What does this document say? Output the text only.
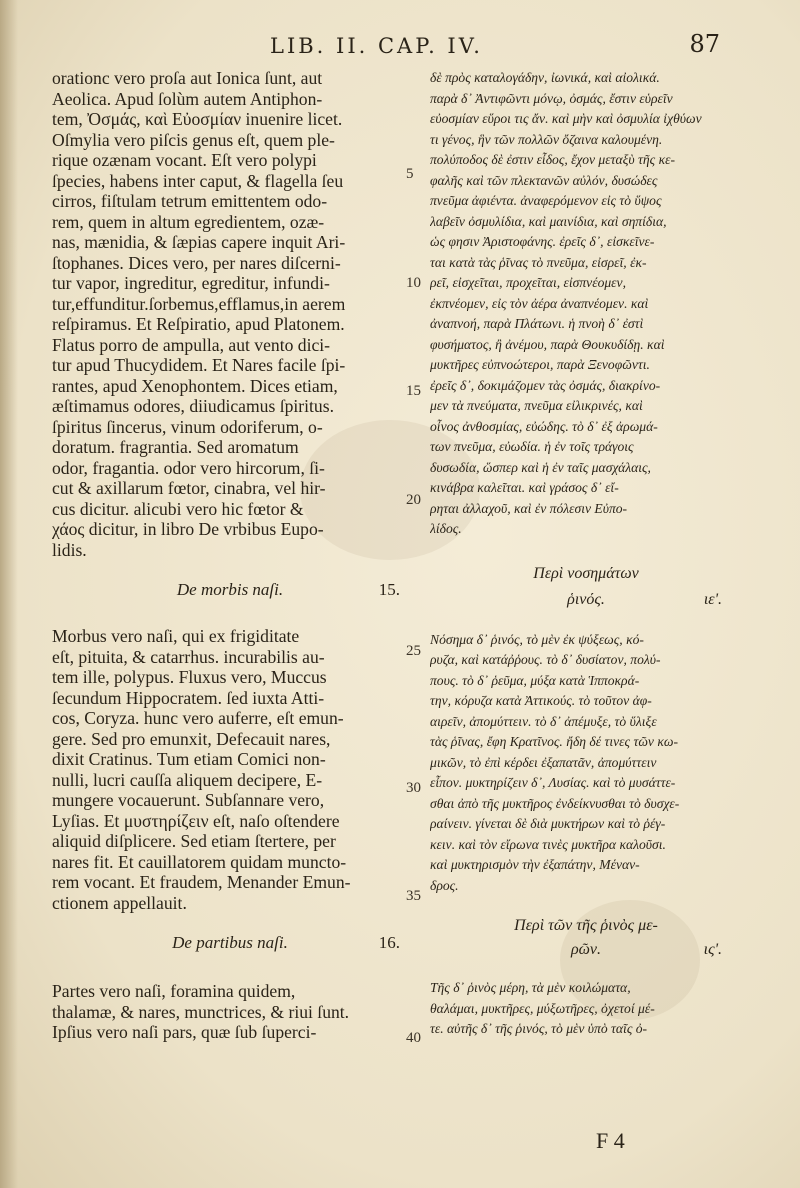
LIB. II. CAP. IV.	87
orationc vero proſa aut Ionica ſunt, aut
Aeolica. Apud ſolùm autem Antiphon-
tem, Ὀσμάς, καὶ Εὐοσμίαν inuenire licet.
Oſmylia vero piſcis genus eſt, quem ple-
rique ozænam vocant. Eſt vero polypi
ſpecies, habens inter caput, & flagella ſeu
cirros, fiſtulam tetrum emittentem odo-
rem, quem in altum egredientem, ozæ-
nas, mænidia, & ſæpias capere inquit Ari-
ſtophanes. Dices vero, per nares diſcerni-
tur vapor, ingreditur, egreditur, infundi-
tur,effunditur.ſorbemus,efflamus,in aerem
reſpiramus. Et Reſpiratio, apud Platonem.
Flatus porro de ampulla, aut vento dici-
tur apud Thucydidem. Et Nares facile ſpi-
rantes, apud Xenophontem. Dices etiam,
æſtimamus odores, diiudicamus ſpiritus.
ſpiritus ſincerus, vinum odoriferum, o-
doratum. fragrantia. Sed aromatum
odor, fragantia. odor vero hircorum, ſi-
cut & axillarum fœtor, cinabra, vel hir-
cus dicitur. alicubi vero hic fœtor &
χάος dicitur, in libro De vrbibus Eupo-
lidis.
De morbis naſi.	15.
Morbus vero naſi, qui ex frigiditate
eſt, pituita, & catarrhus. incurabilis au-
tem ille, polypus. Fluxus vero, Muccus
ſecundum Hippocratem. ſed iuxta Atti-
cos, Coryza. hunc vero auferre, eſt emun-
gere. Sed pro emunxit, Defecauit nares,
dixit Cratinus. Tum etiam Comici non-
nulli, lucri cauſſa aliquem decipere, E-
mungere vocauerunt. Subſannare vero,
Lyſias. Et μυστηρίζειν eſt, naſo oſtendere
aliquid diſplicere. Sed etiam ſtertere, per
nares fit. Et cauillatorem quidam munctо-
rem vocant. Et fraudem, Menander Emun-
ctionem appellauit.
De partibus naſi.	16.
Partes vero naſi, foramina quidem,
thalamæ, & nares, munctrices, & riui ſunt.
Ipſius vero naſi pars, quæ ſub ſuperci-
δὲ πρὸς καταλογάδην, ἰωνικά, καὶ αἰολικά.
παρὰ δ᾽ Ἀντιφῶντι μόνῳ, ὀσμάς, ἔστιν εὑρεῖν
εὐοσμίαν εὕροι τις ἄν. καὶ μὴν καὶ ὀσμυλία ἰχθύων
τι γένος, ἣν τῶν πολλῶν ὄζαινα καλουμένη.
πολύποδος δὲ ἐστιν εἶδος, ἔχον μεταξὺ τῆς κε-
φαλῆς καὶ τῶν πλεκτανῶν αὐλόν, δυσώδες
πνεῦμα ἀφιέντα. ἀναφερόμενον εἰς τὸ ὕψος
λαβεῖν ὀσμυλίδια, καὶ μαινίδια, καὶ σηπίδια,
ὡς φησιν Ἀριστοφάνης. ἐρεῖς δ᾽, εἰσκεῖνε-
ται κατὰ τὰς ῥῖνας τὸ πνεῦμα, εἰσρεῖ, ἐκ-
ρεῖ, εἰσχεῖται, προχεῖται, εἰσπνέομεν,
ἐκπνέομεν, εἰς τὸν ἀέρα ἀναπνέομεν. καὶ
ἀναπνοή, παρὰ Πλάτωνι. ἡ πνοὴ δ᾽ ἐστὶ
φυσήματος, ἢ ἀνέμου, παρὰ Θουκυδίδῃ. καὶ
μυκτῆρες εὐπνοώτεροι, παρὰ Ξενοφῶντι.
ἐρεῖς δ᾽, δοκιμάζομεν τὰς ὀσμάς, διακρίνο-
μεν τὰ πνεύματα, πνεῦμα εἰλικρινές, καὶ
οἶνος ἀνθοσμίας, εὐώδης. τὸ δ᾽ ἐξ ἀρωμά-
των πνεῦμα, εὐωδία. ἡ ἐν τοῖς τράγοις
δυσωδία, ὥσπερ καὶ ἡ ἐν ταῖς μασχάλαις,
κινάβρα καλεῖται. καὶ γράσος δ᾽ εἴ-
ρηται ἀλλαχοῦ, καὶ ἐν πόλεσιν Εὐπο-
λίδος.
Περὶ νοσημάτων
ῥινός.	ιε'.
Νόσημα δ᾽ ῥινός, τὸ μὲν ἐκ ψύξεως, κό-
ρυζα, καὶ κατάῤῥους. τὸ δ᾽ δυσίατον, πολύ-
πους. τὸ δ᾽ ῥεῦμα, μύξα κατὰ Ἱπποκρά-
την, κόρυζα κατὰ Ἀττικούς. τὸ τοῦτον ἀφ-
αιρεῖν, ἀπομύττειν. τὸ δ᾽ ἀπέμυξε, τὸ ὕλιξε
τὰς ῥῖνας, ἔφη Κρατῖνος. ἤδη δέ τινες τῶν κω-
μικῶν, τὸ ἐπὶ κέρδει ἐξαπατᾶν, ἀπομύττειν
εἶπον. μυκτηρίζειν δ᾽, Λυσίας. καὶ τὸ μυσάττε-
σθαι ἀπὸ τῆς μυκτῆρος ἐνδείκνυσθαι τὸ δυσχε-
ραίνειν. γίνεται δὲ διὰ μυκτήρων καὶ τὸ ῥέγ-
κειν. καὶ τὸν εἴρωνα τινὲς μυκτῆρα καλοῦσι.
καὶ μυκτηρισμὸν τὴν ἐξαπάτην, Μέναν-
δρος.
Περὶ τῶν τῆς ῥινὸς με-
ρῶν.	ις'.
Τῆς δ᾽ ῥινὸς μέρη, τὰ μὲν κοιλώματα,
θαλάμαι, μυκτῆρες, μύξωτῆρες, ὀχετοί μέ-
τε. αὐτῆς δ᾽ τῆς ῥινός, τὸ μὲν ὑπὸ ταῖς ὀ-
5
10
15
20
25
30
35
40
F 4
